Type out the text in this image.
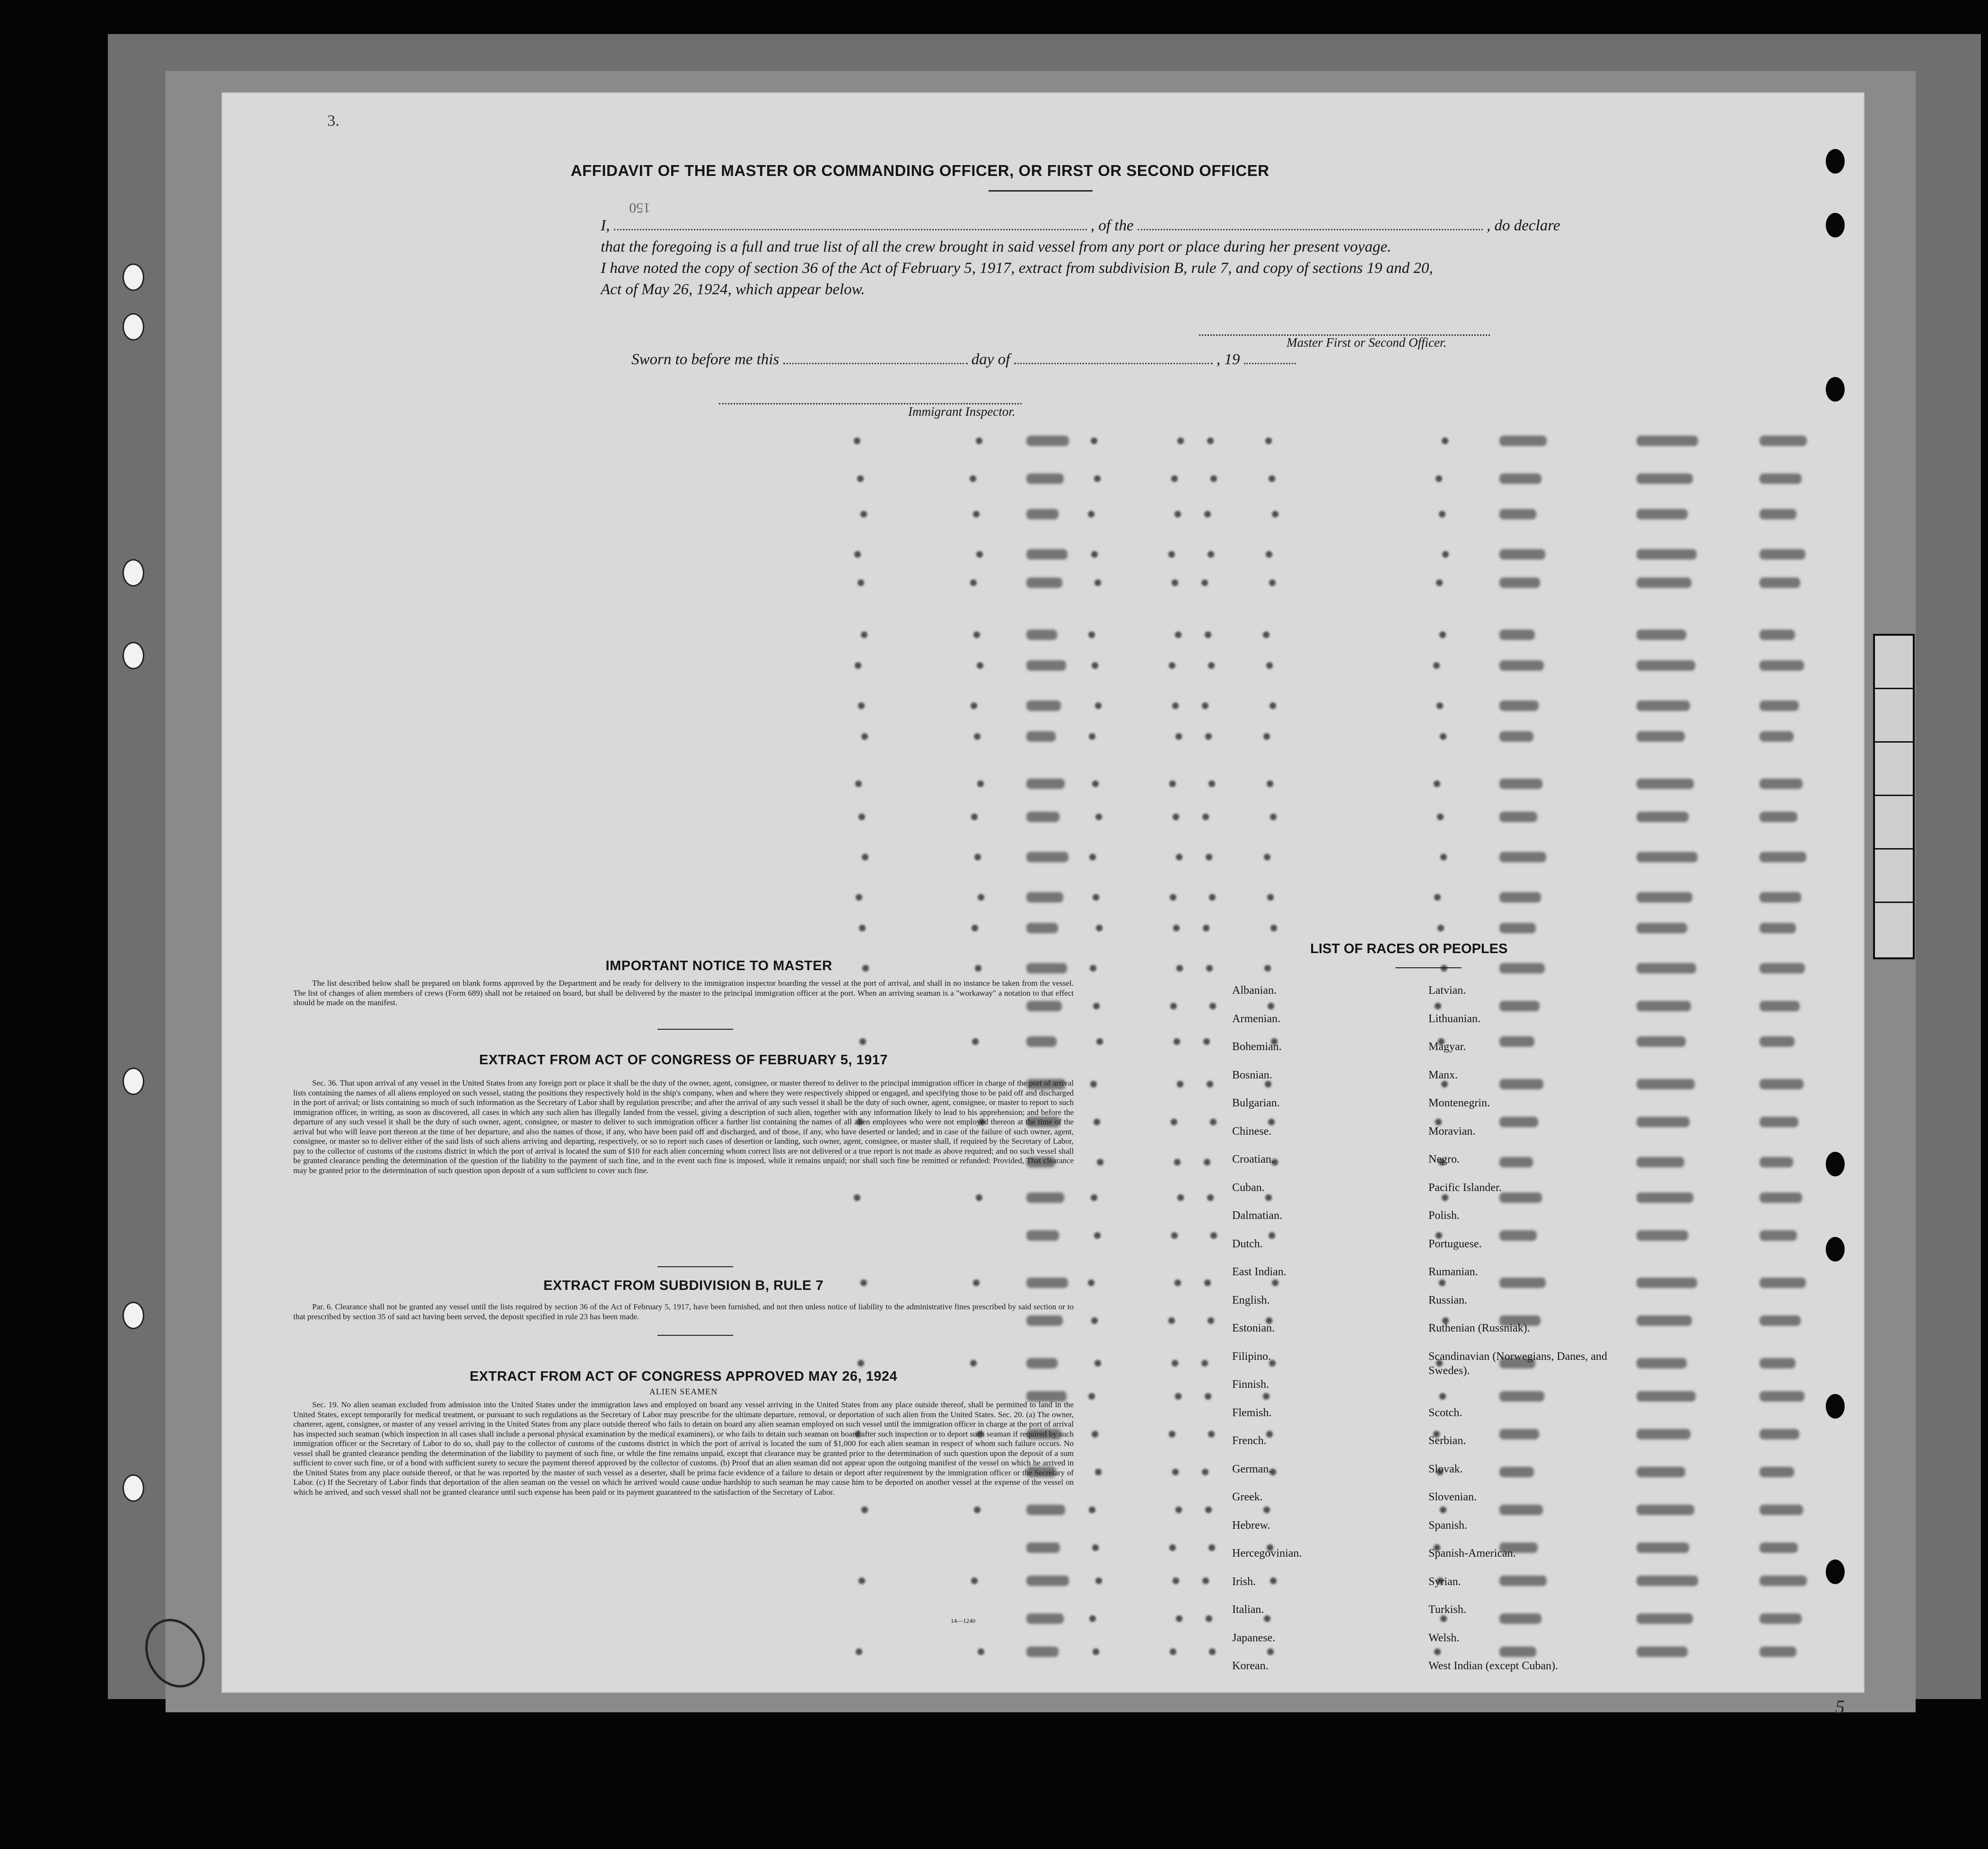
3.
AFFIDAVIT OF THE MASTER OR COMMANDING OFFICER, OR FIRST OR SECOND OFFICER
I,	, of the	, do declare
that the foregoing is a full and true list of all the crew brought in said vessel from any port or place during her present voyage.
I have noted the copy of section 36 of the Act of February 5, 1917, extract from subdivision B, rule 7, and copy of sections 19 and 20,
Act of May 26, 1924, which appear below.
Master First or Second Officer.
Sworn to before me this	day of	, 19
Immigrant Inspector.
150
IMPORTANT NOTICE TO MASTER
The list described below shall be prepared on blank forms approved by the Department and be ready for delivery to the immigration inspector boarding the vessel at the port of arrival, and shall in no instance be taken from the vessel. The list of changes of alien members of crews (Form 689) shall not be retained on board, but shall be delivered by the master to the principal immigration officer at the port. When an arriving seaman is a "workaway" a notation to that effect should be made on the manifest.
EXTRACT FROM ACT OF CONGRESS OF FEBRUARY 5, 1917
Sec. 36. That upon arrival of any vessel in the United States from any foreign port or place it shall be the duty of the owner, agent, consignee, or master thereof to deliver to the principal immigration officer in charge of the port of arrival lists containing the names of all aliens employed on such vessel, stating the positions they respectively hold in the ship's company, when and where they were respectively shipped or engaged, and specifying those to be paid off and discharged in the port of arrival; or lists containing so much of such information as the Secretary of Labor shall by regulation prescribe; and after the arrival of any such vessel it shall be the duty of such owner, agent, consignee, or master to report to such immigration officer, in writing, as soon as discovered, all cases in which any such alien has illegally landed from the vessel, giving a description of such alien, together with any information likely to lead to his apprehension; and before the departure of any such vessel it shall be the duty of such owner, agent, consignee, or master to deliver to such immigration officer a further list containing the names of all alien employees who were not employed thereon at the time of the arrival but who will leave port thereon at the time of her departure, and also the names of those, if any, who have been paid off and discharged, and of those, if any, who have deserted or landed; and in case of the failure of such owner, agent, consignee, or master so to deliver either of the said lists of such aliens arriving and departing, respectively, or so to report such cases of desertion or landing, such owner, agent, consignee, or master shall, if required by the Secretary of Labor, pay to the collector of customs of the customs district in which the port of arrival is located the sum of $10 for each alien concerning whom correct lists are not delivered or a true report is not made as above required; and no such vessel shall be granted clearance pending the determination of the question of the liability to the payment of such fine, and in the event such fine is imposed, while it remains unpaid; nor shall such fine be remitted or refunded: Provided, That clearance may be granted prior to the determination of such question upon deposit of a sum sufficient to cover such fine.
EXTRACT FROM SUBDIVISION B, RULE 7
Par. 6. Clearance shall not be granted any vessel until the lists required by section 36 of the Act of February 5, 1917, have been furnished, and not then unless notice of liability to the administrative fines prescribed by said section or to that prescribed by section 35 of said act having been served, the deposit specified in rule 23 has been made.
EXTRACT FROM ACT OF CONGRESS APPROVED MAY 26, 1924
ALIEN SEAMEN
Sec. 19. No alien seaman excluded from admission into the United States under the immigration laws and employed on board any vessel arriving in the United States from any place outside thereof, shall be permitted to land in the United States, except temporarily for medical treatment, or pursuant to such regulations as the Secretary of Labor may prescribe for the ultimate departure, removal, or deportation of such alien from the United States. Sec. 20. (a) The owner, charterer, agent, consignee, or master of any vessel arriving in the United States from any place outside thereof who fails to detain on board any alien seaman employed on such vessel until the immigration officer in charge at the port of arrival has inspected such seaman (which inspection in all cases shall include a personal physical examination by the medical examiners), or who fails to detain such seaman on board after such inspection or to deport such seaman if required by such immigration officer or the Secretary of Labor to do so, shall pay to the collector of customs of the customs district in which the port of arrival is located the sum of $1,000 for each alien seaman in respect of whom such failure occurs. No vessel shall be granted clearance pending the determination of the liability to payment of such fine, or while the fine remains unpaid, except that clearance may be granted prior to the determination of such question upon the deposit of a sum sufficient to cover such fine, or of a bond with sufficient surety to secure the payment thereof approved by the collector of customs. (b) Proof that an alien seaman did not appear upon the outgoing manifest of the vessel on which he arrived in the United States from any place outside thereof, or that he was reported by the master of such vessel as a deserter, shall be prima facie evidence of a failure to detain or deport after requirement by the immigration officer or the Secretary of Labor. (c) If the Secretary of Labor finds that deportation of the alien seaman on the vessel on which he arrived would cause undue hardship to such seaman he may cause him to be deported on another vessel at the expense of the vessel on which he arrived, and such vessel shall not be granted clearance until such expense has been paid or its payment guaranteed to the satisfaction of the Secretary of Labor.
14—1240
LIST OF RACES OR PEOPLES
Albanian.
Armenian.
Bohemian.
Bosnian.
Bulgarian.
Chinese.
Croatian.
Cuban.
Dalmatian.
Dutch.
East Indian.
English.
Estonian.
Filipino.
Finnish.
Flemish.
French.
German.
Greek.
Hebrew.
Hercegovinian.
Irish.
Italian.
Japanese.
Korean.
Latvian.
Lithuanian.
Magyar.
Manx.
Montenegrin.
Moravian.
Negro.
Pacific Islander.
Polish.
Portuguese.
Rumanian.
Russian.
Ruthenian (Russniak).
Scandinavian (Norwegians, Danes, and Swedes).
Scotch.
Serbian.
Slovak.
Slovenian.
Spanish.
Spanish-American.
Syrian.
Turkish.
Welsh.
West Indian (except Cuban).
5
